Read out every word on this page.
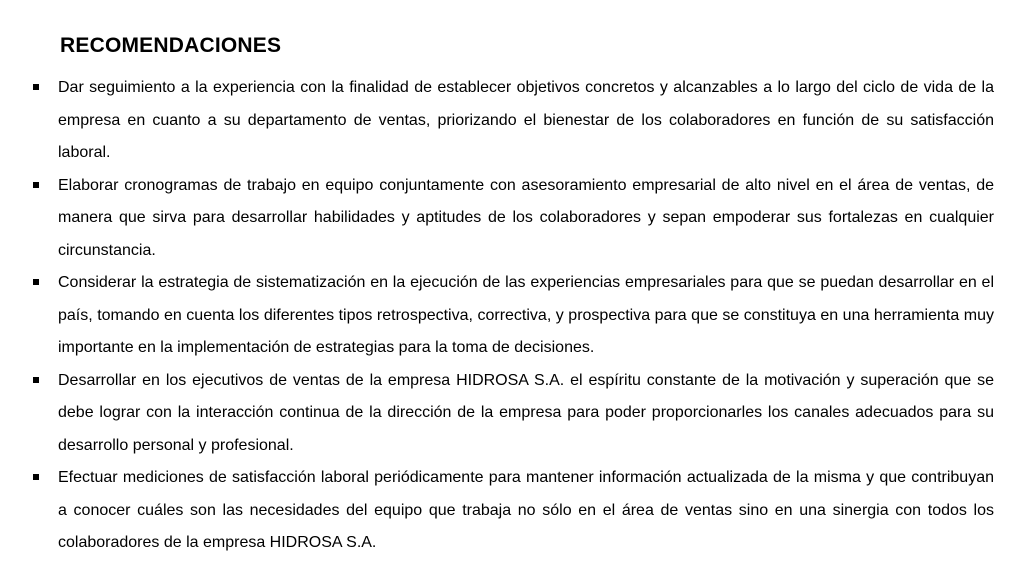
RECOMENDACIONES
Dar seguimiento a la experiencia con la finalidad de establecer objetivos concretos y alcanzables a lo largo del ciclo de vida de la empresa en cuanto a su departamento de ventas, priorizando el bienestar de los colaboradores en función de su satisfacción laboral.
Elaborar cronogramas de trabajo en equipo conjuntamente con asesoramiento empresarial de alto nivel en el área de ventas, de manera que sirva para desarrollar habilidades y aptitudes de los colaboradores y sepan empoderar sus fortalezas en cualquier circunstancia.
Considerar la estrategia de sistematización en la ejecución de las experiencias empresariales para que se puedan desarrollar en el país, tomando en cuenta los diferentes tipos retrospectiva, correctiva, y prospectiva para que se constituya en una herramienta muy importante en la implementación de estrategias para la toma de decisiones.
Desarrollar en los ejecutivos de ventas de la empresa HIDROSA S.A. el espíritu constante de la motivación y superación que se debe lograr con la interacción continua de la dirección de la empresa para poder proporcionarles los canales adecuados para su desarrollo personal y profesional.
Efectuar mediciones de satisfacción laboral periódicamente para mantener información actualizada de la misma y que contribuyan a conocer cuáles son las necesidades del equipo que trabaja no sólo en el área de ventas sino en una sinergia con todos los colaboradores de la empresa HIDROSA S.A.
